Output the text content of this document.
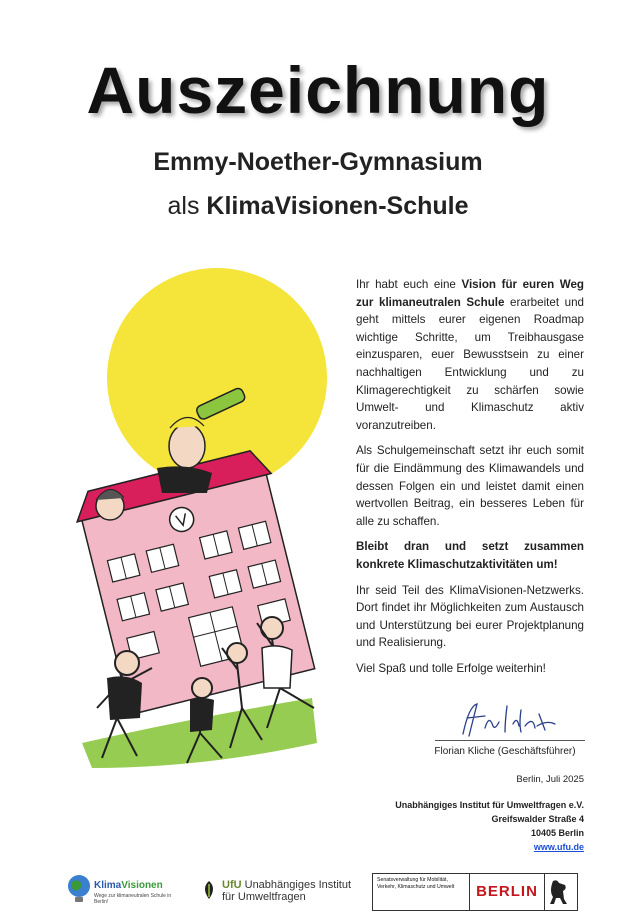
Auszeichnung
Emmy-Noether-Gymnasium
als KlimaVisionen-Schule

Ihr habt euch eine Vision für euren Weg zur klimaneutralen Schule erarbeitet und geht mittels eurer eigenen Roadmap wichtige Schritte, um Treibhausgase einzusparen, euer Bewusstsein zu einer nachhaltigen Entwicklung und zu Klimagerechtigkeit zu schärfen sowie Umwelt- und Klimaschutz aktiv voranzutreiben.

Als Schulgemeinschaft setzt ihr euch somit für die Eindämmung des Klimawandels und dessen Folgen ein und leistet damit einen wertvollen Beitrag, ein besseres Leben für alle zu schaffen.

Bleibt dran und setzt zusammen konkrete Klimaschutzaktivitäten um!

Ihr seid Teil des KlimaVisionen-Netzwerks. Dort findet ihr Möglichkeiten zum Austausch und Unterstützung bei eurer Projektplanung und Realisierung.

Viel Spaß und tolle Erfolge weiterhin!

Florian Kliche (Geschäftsführer)
Berlin, Juli 2025
Unabhängiges Institut für Umweltfragen e.V.
Greifswalder Straße 4
10405 Berlin
www.ufu.de
KlimaVisionen
Wege zur klimaneutralen Schule in Berlin!
UfU Unabhängiges Institut
für Umweltfragen
Senatsverwaltung für Mobilität, Verkehr, Klimaschutz und Umwelt	BERLIN
